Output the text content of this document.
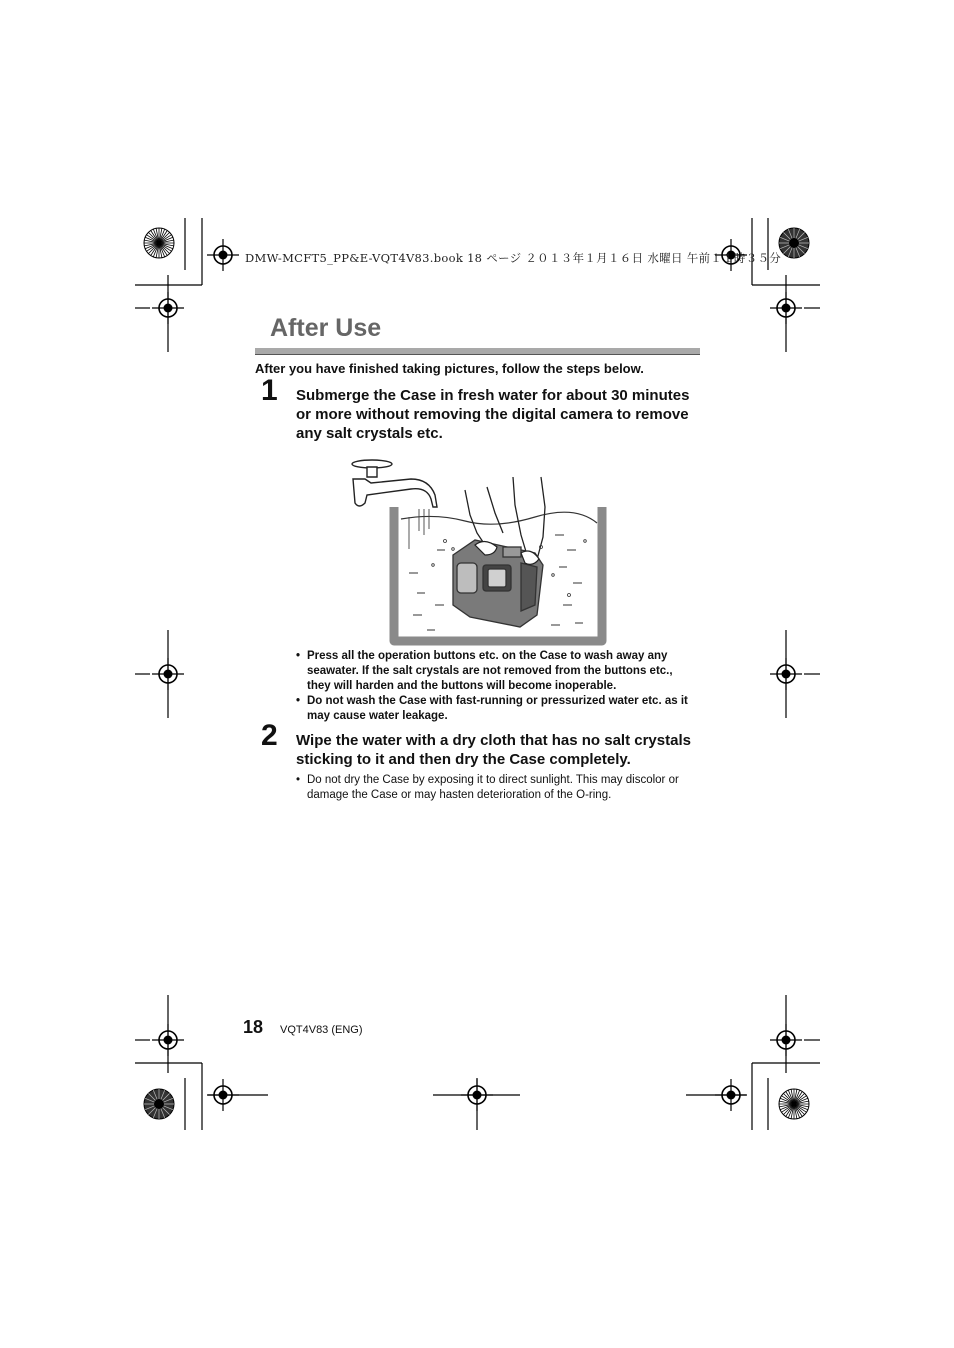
DMW-MCFT5_PP&E-VQT4V83.book 18 ページ ２０１３年１月１６日 水曜日 午前１１時３５分
After Use
After you have finished taking pictures, follow the steps below.
1 Submerge the Case in fresh water for about 30 minutes or more without removing the digital camera to remove any salt crystals etc.
• Press all the operation buttons etc. on the Case to wash away any seawater. If the salt crystals are not removed from the buttons etc., they will harden and the buttons will become inoperable.
• Do not wash the Case with fast-running or pressurized water etc. as it may cause water leakage.
2 Wipe the water with a dry cloth that has no salt crystals sticking to it and then dry the Case completely.
• Do not dry the Case by exposing it to direct sunlight. This may discolor or damage the Case or may hasten deterioration of the O-ring.
18 VQT4V83 (ENG)
